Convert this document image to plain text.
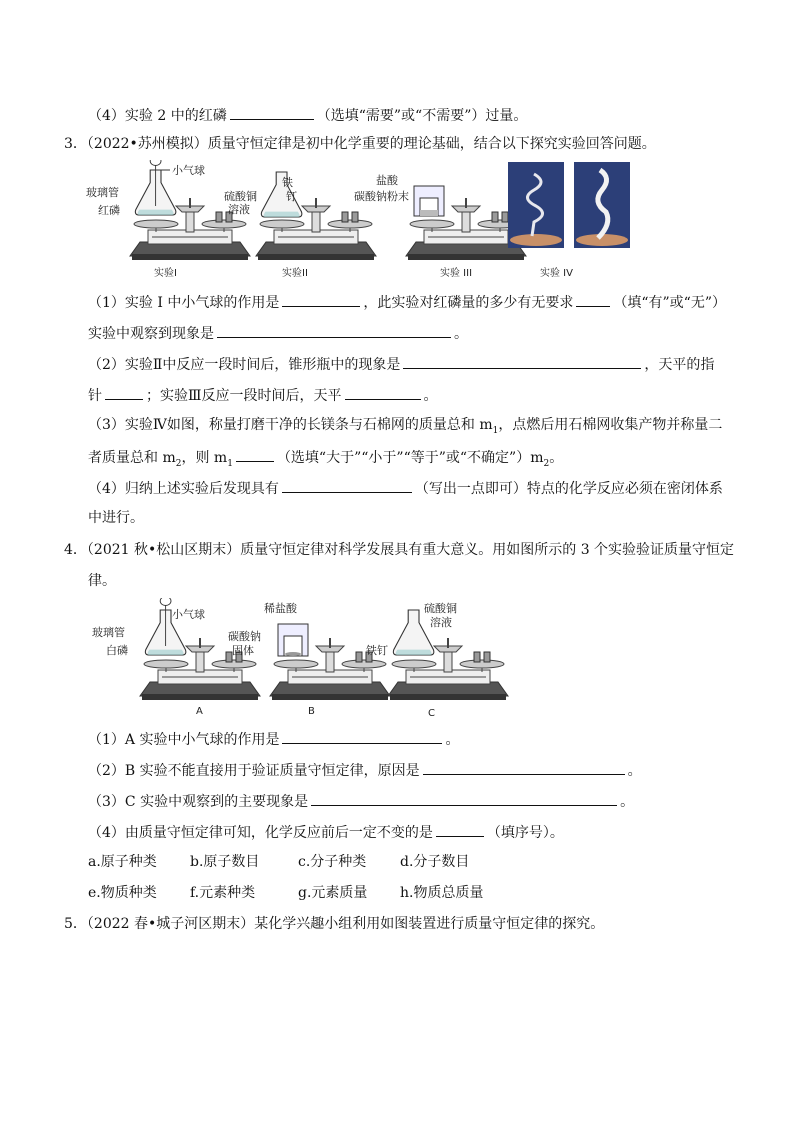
（4）实验 2 中的红磷	（选填“需要”或“不需要”）过量。
3．（2022•苏州模拟）质量守恒定律是初中化学重要的理论基础，结合以下探究实验回答问题。
小气球
玻璃管
红磷
实验I
铁
钉
硫酸铜
溶液
实验II
盐酸
碳酸钠粉末
实验 III	实验 IV
（1）实验 I 中小气球的作用是	，此实验对红磷量的多少有无要求	（填“有”或“无”）
实验中观察到现象是	。
（2）实验Ⅱ中反应一段时间后，锥形瓶中的现象是	，天平的指
针	；实验Ⅲ反应一段时间后，天平	。
（3）实验Ⅳ如图，称量打磨干净的长镁条与石棉网的质量总和 $m_1$，点燃后用石棉网收集产物并称量二
者质量总和 $m_2$，则 $m_1$	（选填“大于”“小于”“等于”或“不确定$”)m_2$。
（4）归纳上述实验后发现具有	（写出一点即可）特点的化学反应必须在密闭体系
中进行。
4．（2021 秋•松山区期末）质量守恒定律对科学发展具有重大意义。用如图所示的 3 个实验验证质量守恒定
律。
小气球
玻璃管
白磷
A
稀盐酸
碳酸钠
固体
B
硫酸铜
溶液
铁钉
C
（1）A 实验中小气球的作用是	。
（2）B 实验不能直接用于验证质量守恒定律，原因是	。
（3）C 实验中观察到的主要现象是	。
（4）由质量守恒定律可知，化学反应前后一定不变的是	（填序号）。
a.原子种类 b.原子数目	c.分子种类 d.分子数目
e.物质种类 f.元素种类	g.元素质量 h.物质总质量
5．（2022 春•城子河区期末）某化学兴趣小组利用如图装置进行质量守恒定律的探究。
